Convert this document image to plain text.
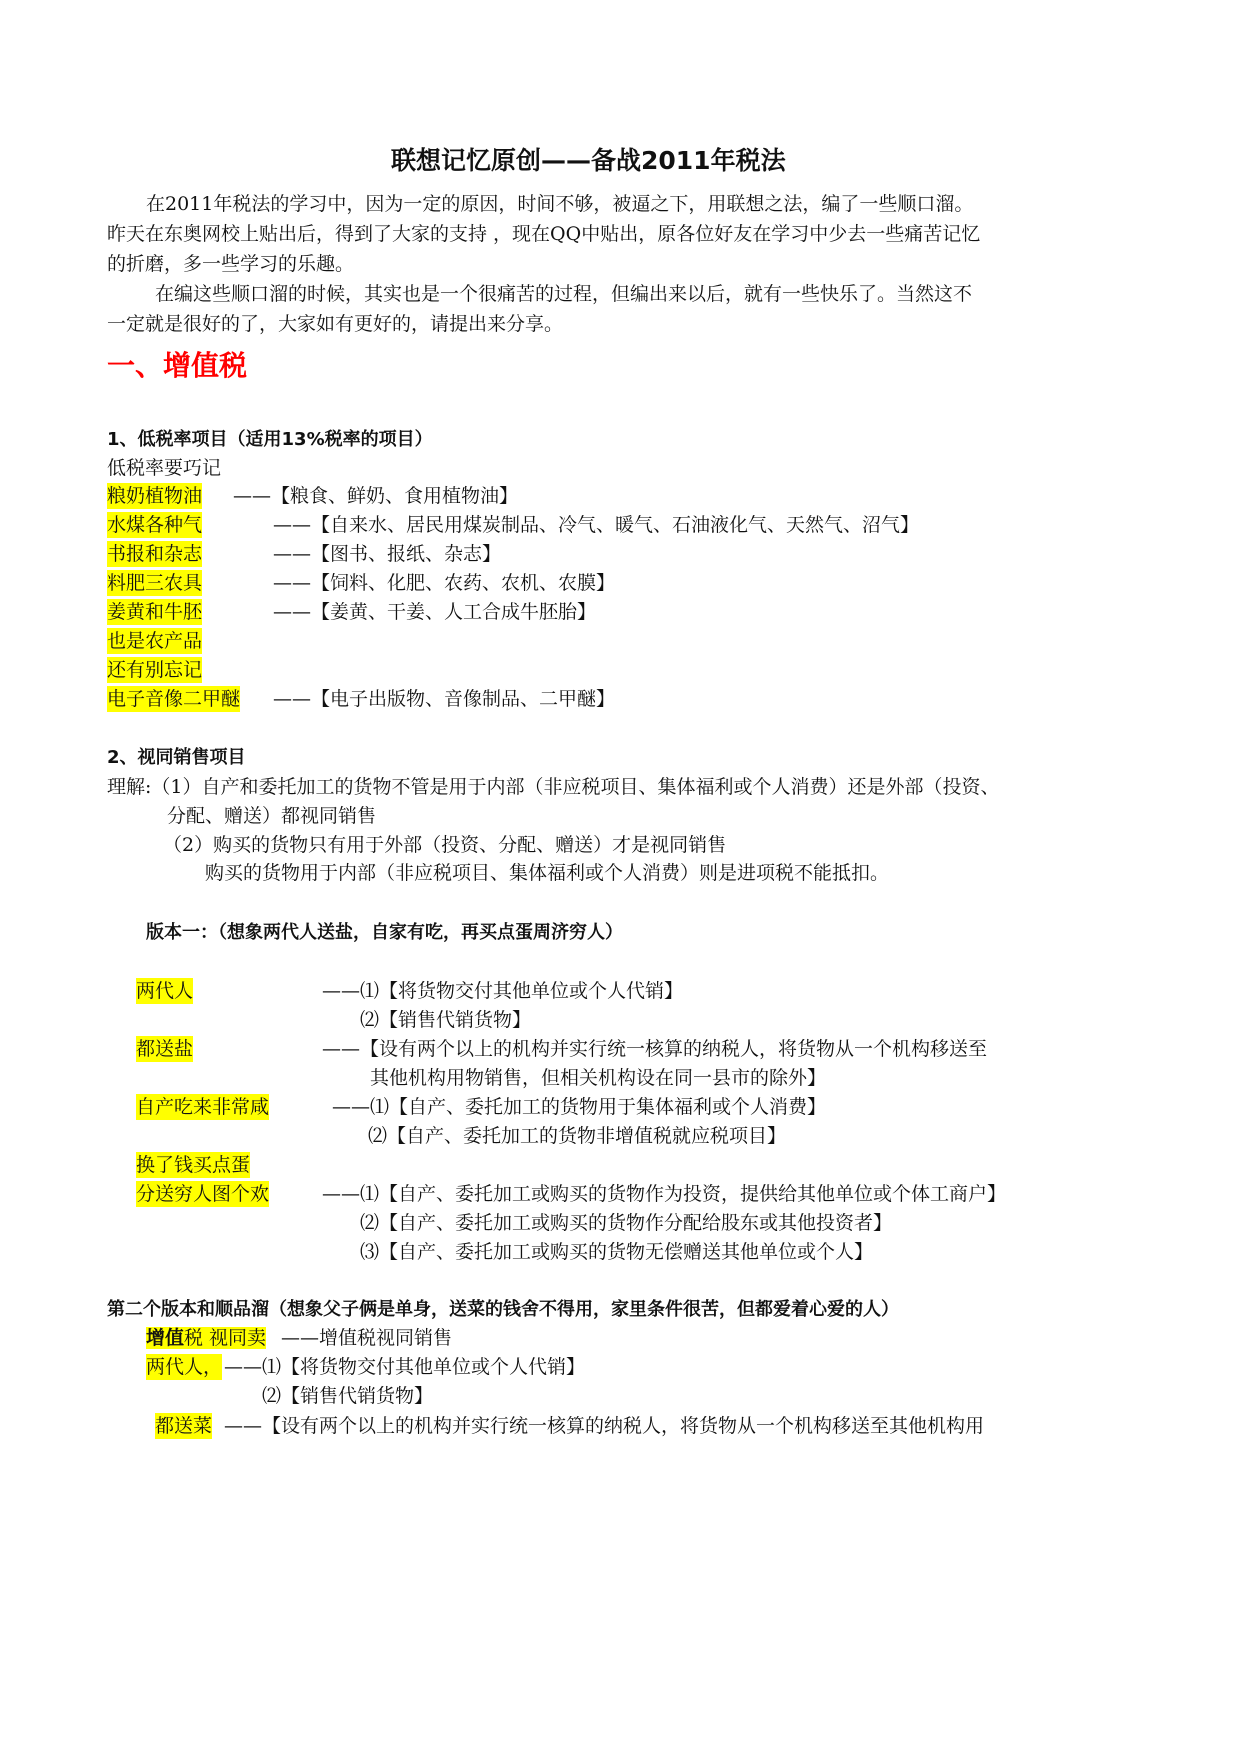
联想记忆原创——备战2011年税法
在2011年税法的学习中，因为一定的原因，时间不够，被逼之下，用联想之法，编了一些顺口溜。
昨天在东奥网校上贴出后，得到了大家的支持 ，现在QQ中贴出，原各位好友在学习中少去一些痛苦记忆
的折磨，多一些学习的乐趣。
在编这些顺口溜的时候，其实也是一个很痛苦的过程，但编出来以后，就有一些快乐了。当然这不
一定就是很好的了，大家如有更好的，请提出来分享。
一、增值税
1、低税率项目（适用13%税率的项目）
低税率要巧记
粮奶植物油 ——【粮食、鲜奶、食用植物油】
水煤各种气	——【自来水、居民用煤炭制品、冷气、暖气、石油液化气、天然气、沼气】
书报和杂志	——【图书、报纸、杂志】
料肥三农具	——【饲料、化肥、农药、农机、农膜】
姜黄和牛胚	——【姜黄、干姜、人工合成牛胚胎】
也是农产品
还有别忘记
电子音像二甲醚 ——【电子出版物、音像制品、二甲醚】
2、视同销售项目
理解:（1）自产和委托加工的货物不管是用于内部（非应税项目、集体福利或个人消费）还是外部（投资、
分配、赠送）都视同销售
（2）购买的货物只有用于外部（投资、分配、赠送）才是视同销售
购买的货物用于内部（非应税项目、集体福利或个人消费）则是进项税不能抵扣。
版本一：（想象两代人送盐，自家有吃，再买点蛋周济穷人）
两代人	——⑴【将货物交付其他单位或个人代销】
⑵【销售代销货物】
都送盐	——【设有两个以上的机构并实行统一核算的纳税人，将货物从一个机构移送至
其他机构用物销售，但相关机构设在同一县市的除外】
自产吃来非常咸	——⑴【自产、委托加工的货物用于集体福利或个人消费】
⑵【自产、委托加工的货物非增值税就应税项目】
换了钱买点蛋
分送穷人图个欢	——⑴【自产、委托加工或购买的货物作为投资，提供给其他单位或个体工商户】
⑵【自产、委托加工或购买的货物作分配给股东或其他投资者】
⑶【自产、委托加工或购买的货物无偿赠送其他单位或个人】
第二个版本和顺品溜（想象父子俩是单身，送菜的钱舍不得用，家里条件很苦，但都爱着心爱的人）
增值税 视同卖 ——增值税视同销售
两代人， ——⑴【将货物交付其他单位或个人代销】
⑵【销售代销货物】
都送菜 ——【设有两个以上的机构并实行统一核算的纳税人，将货物从一个机构移送至其他机构用
